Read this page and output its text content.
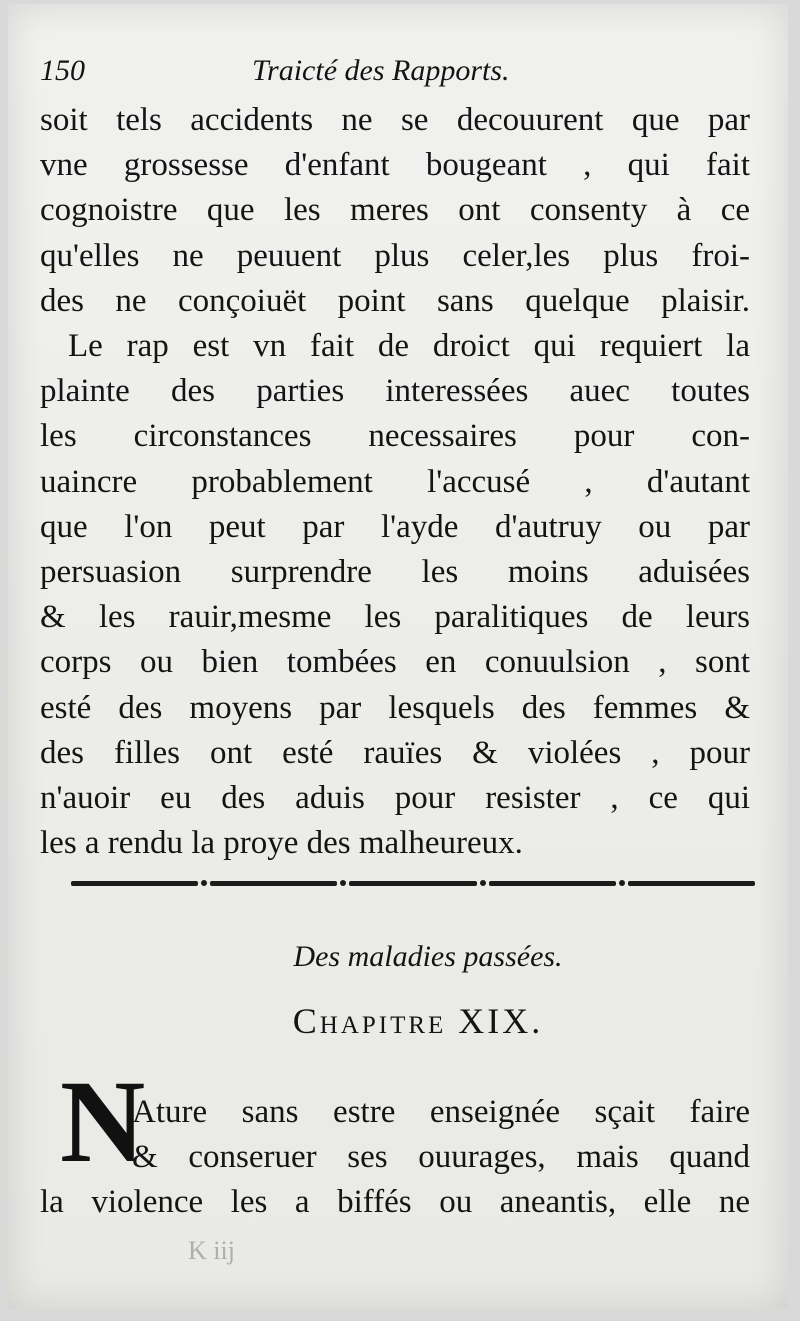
150	Traicté des Rapports.
soit tels accidents ne se decouurent que par
vne grossesse d'enfant bougeant , qui fait
cognoistre que les meres ont consenty à ce
qu'elles ne peuuent plus celer,les plus froi-
des ne conçoiuët point sans quelque plaisir.
Le rap est vn fait de droict qui requiert la
plainte des parties interessées auec toutes
les circonstances necessaires pour con-
uaincre probablement l'accusé , d'autant
que l'on peut par l'ayde d'autruy ou par
persuasion surprendre les moins aduisées
& les rauir,mesme les paralitiques de leurs
corps ou bien tombées en conuulsion , sont
esté des moyens par lesquels des femmes &
des filles ont esté rauïes & violées , pour
n'auoir eu des aduis pour resister , ce qui
les a rendu la proye des malheureux.
Des maladies passées.
Chapitre XIX.
N
Ature sans estre enseignée sçait faire
& conseruer ses ouurages, mais quand
la violence les a biffés ou aneantis, elle ne
K iij
